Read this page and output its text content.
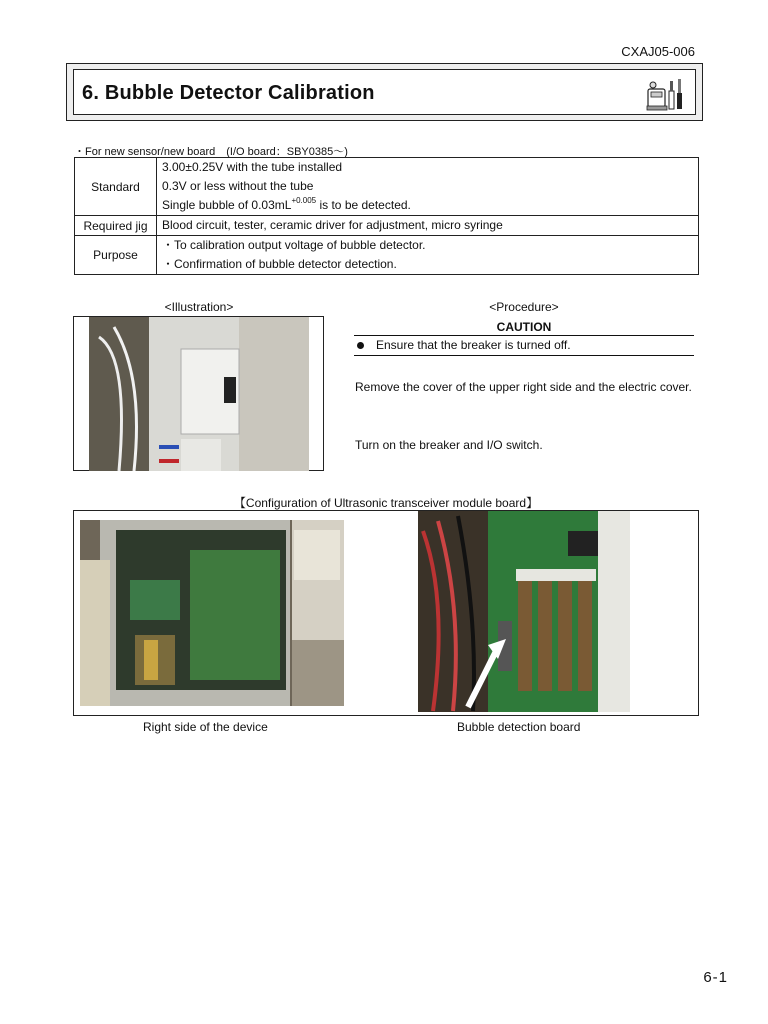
CXAJ05-006
6. Bubble Detector Calibration
・For new sensor/new board　(I/O board：SBY0385～)
Standard	3.00±0.25V with the tube installed
0.3V or less without the tube
Single bubble of $0.03mL^{+0.005}$ is to be detected.

Required jig	Blood circuit, tester, ceramic driver for adjustment, micro syringe

Purpose	・To calibration output voltage of bubble detector.
・Confirmation of bubble detector detection.
<Illustration>	<Procedure>
CAUTION
Ensure that the breaker is turned off.
Remove the cover of the upper right side and the electric cover.
Turn on the breaker and I/O switch.
【Configuration of Ultrasonic transceiver module board】
Right side of the device	Bubble detection board
6-1
